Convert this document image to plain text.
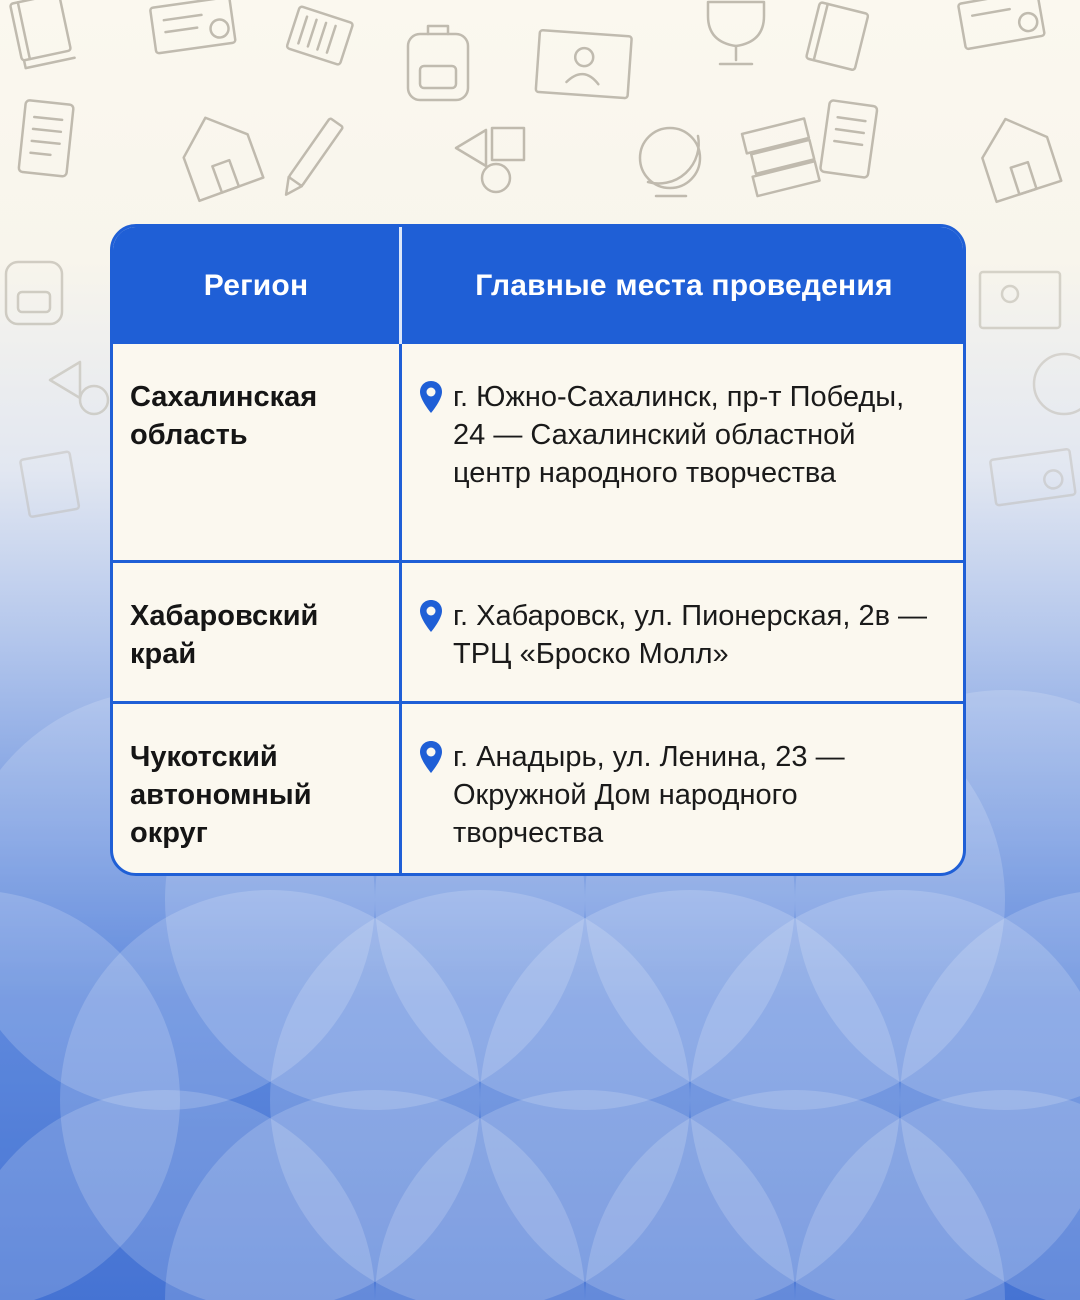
Регион	Главные места проведения
Сахалинская область
г. Южно-Сахалинск, пр-т Победы, 24 — Сахалинский областной центр народного творчества
Хабаровский край
г. Хабаровск, ул. Пионерская, 2в — ТРЦ «Броско Молл»
Чукотский автономный округ
г. Анадырь, ул. Ленина, 23 — Окружной Дом народного творчества
